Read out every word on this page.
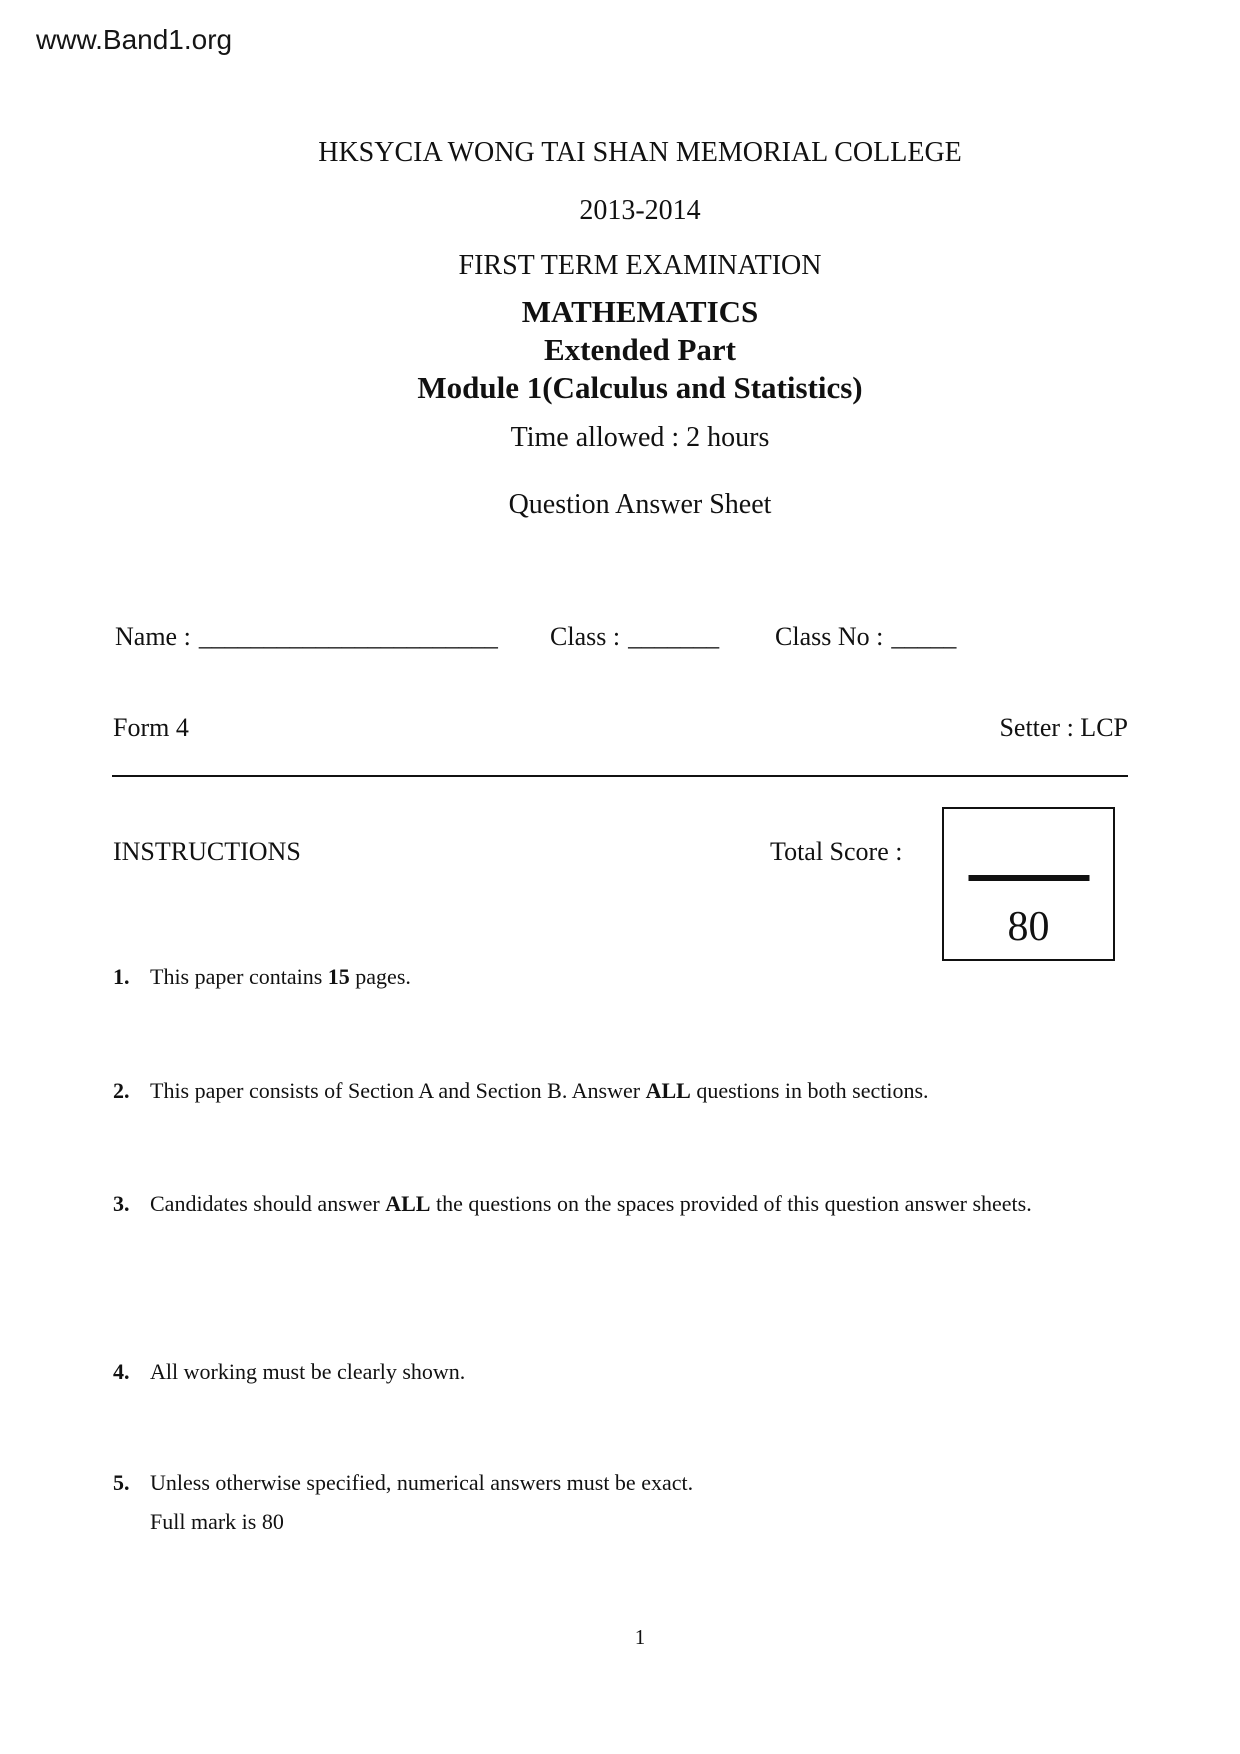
www.Band1.org
HKSYCIA WONG TAI SHAN MEMORIAL COLLEGE
2013-2014
FIRST TERM EXAMINATION
MATHEMATICS
Extended Part
Module 1(Calculus and Statistics)
Time allowed : 2 hours
Question Answer Sheet
Name : _______________________ Class : _______ Class No : _____
Form 4	Setter : LCP
INSTRUCTIONS	Total Score :
80
1. This paper contains 15 pages.
2. This paper consists of Section A and Section B. Answer ALL questions in both sections.
3. Candidates should answer ALL the questions on the spaces provided of this question answer sheets.
4. All working must be clearly shown.
5. Unless otherwise specified, numerical answers must be exact.
Full mark is 80
1
